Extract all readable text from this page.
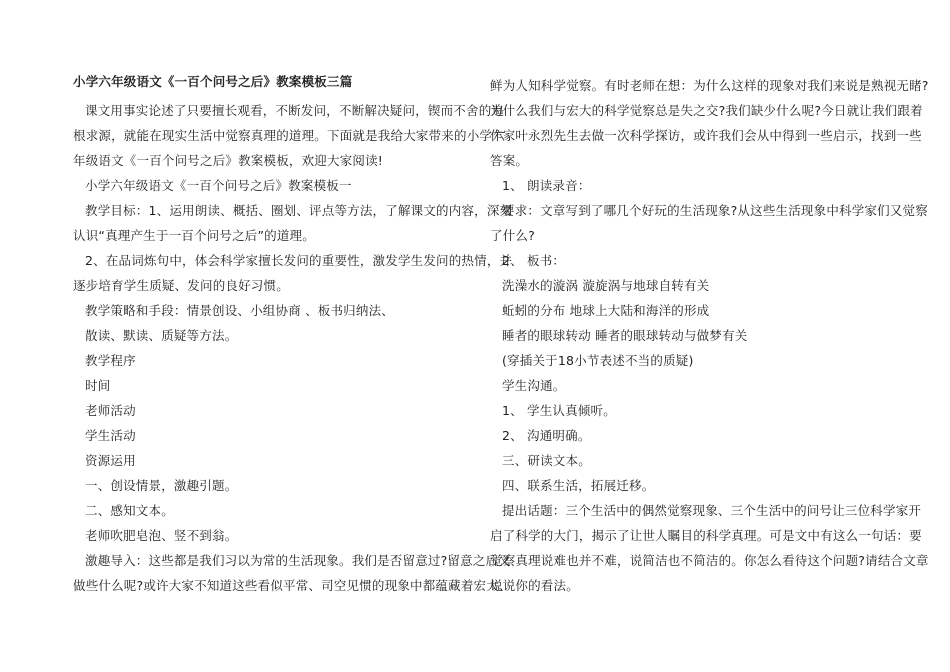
小学六年级语文《一百个问号之后》教案模板三篇

课文用事实论述了只要擅长观看，不断发问，不断解决疑问，锲而不舍的追

根求源，就能在现实生活中觉察真理的道理。下面就是我给大家带来的小学六

年级语文《一百个问号之后》教案模板，欢迎大家阅读!

小学六年级语文《一百个问号之后》教案模板一

教学目标：1、运用朗读、概括、圈划、评点等方法，了解课文的内容，深刻

认识“真理产生于一百个问号之后”的道理。

2、在品词炼句中，体会科学家擅长发问的重要性，激发学生发问的热情，并

逐步培育学生质疑、发问的良好习惯。

教学策略和手段：情景创设、小组协商 、板书归纳法、

散读、默读、质疑等方法。

教学程序

时间

老师活动

学生活动

资源运用

一、创设情景，激趣引题。

二、感知文本。

老师吹肥皂泡、竖不到翁。

激趣导入：这些都是我们习以为常的生活现象。我们是否留意过?留意之后又

做些什么呢?或许大家不知道这些看似平常、司空见惯的现象中都蕴藏着宏大、

鲜为人知科学觉察。有时老师在想：为什么这样的现象对我们来说是熟视无睹?

为什么我们与宏大的科学觉察总是失之交?我们缺少什么呢?今日就让我们跟着

作家叶永烈先生去做一次科学探访，或许我们会从中得到一些启示，找到一些

答案。

1、 朗读录音：

要求：文章写到了哪几个好玩的生活现象?从这些生活现象中科学家们又觉察

了什么?

2、 板书：

洗澡水的漩涡 漩旋涡与地球自转有关

蚯蚓的分布 地球上大陆和海洋的形成

睡者的眼球转动 睡者的眼球转动与做梦有关

(穿插关于18小节表述不当的质疑)

学生沟通。

1、 学生认真倾听。

2、 沟通明确。

三、研读文本。

四、联系生活，拓展迁移。

提出话题：三个生活中的偶然觉察现象、三个生活中的问号让三位科学家开

启了科学的大门，揭示了让世人瞩目的科学真理。可是文中有这么一句话：要

觉察真理说难也并不难，说简洁也不简洁的。你怎么看待这个问题?请结合文章

说说你的看法。
